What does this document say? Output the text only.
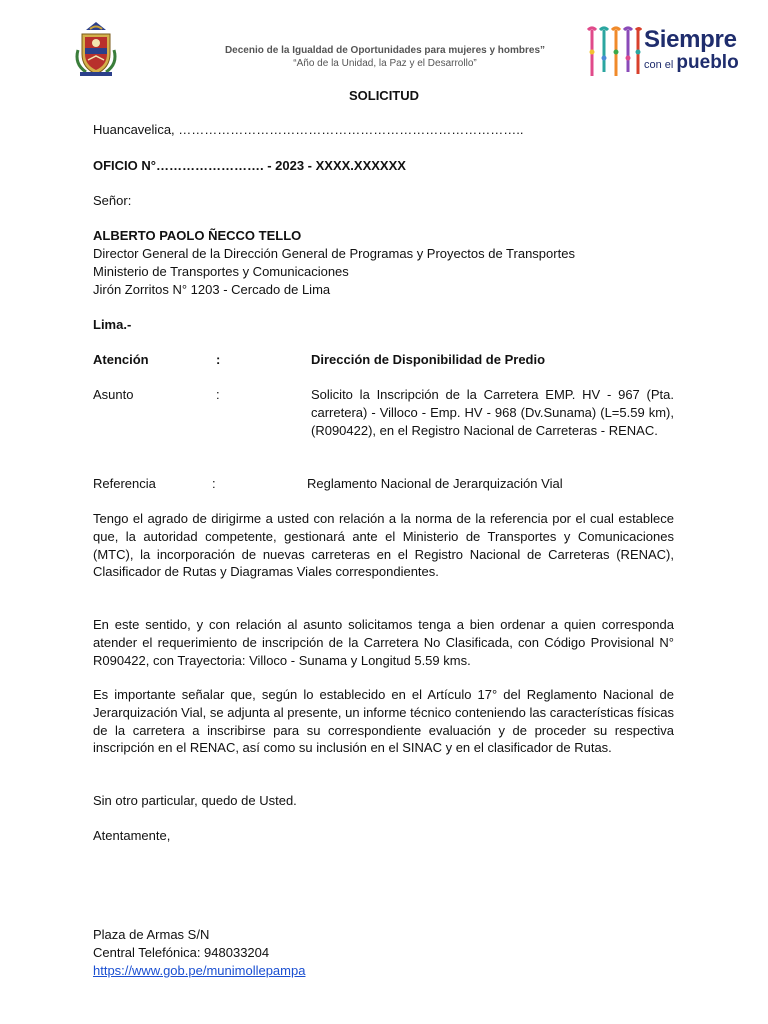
Decenio de la Igualdad de Oportunidades para mujeres y hombres”
“Año de la Unidad, la Paz y el Desarrollo”
Siempre
con el pueblo
SOLICITUD
Huancavelica, ……………………………………………………………………..
OFICIO N°……………………. - 2023 - XXXX.XXXXXX
Señor:
ALBERTO PAOLO ÑECCO TELLO
Director General de la Dirección General de Programas y Proyectos de Transportes
Ministerio de Transportes y Comunicaciones
Jirón Zorritos N° 1203 - Cercado de Lima
Lima.-
Atención	:	Dirección de Disponibilidad de Predio
Asunto	:	Solicito la Inscripción de la Carretera EMP. HV - 967 (Pta. carretera) - Villoco - Emp. HV - 968 (Dv.Sunama) (L=5.59 km), (R090422), en el Registro Nacional de Carreteras - RENAC.
Referencia	:	Reglamento Nacional de Jerarquización Vial
Tengo el agrado de dirigirme a usted con relación a la norma de la referencia por el cual establece que, la autoridad competente, gestionará ante el Ministerio de Transportes y Comunicaciones (MTC), la incorporación de nuevas carreteras en el Registro Nacional de Carreteras (RENAC), Clasificador de Rutas y Diagramas Viales correspondientes.
En este sentido, y con relación al asunto solicitamos tenga a bien ordenar a quien corresponda atender el requerimiento de inscripción de la Carretera No Clasificada, con Código Provisional N° R090422, con Trayectoria: Villoco - Sunama y Longitud 5.59 kms.
Es importante señalar que, según lo establecido en el Artículo 17° del Reglamento Nacional de Jerarquización Vial, se adjunta al presente, un informe técnico conteniendo las características físicas de la carretera a inscribirse para su correspondiente evaluación y de proceder su respectiva inscripción en el RENAC, así como su inclusión en el SINAC y en el clasificador de Rutas.
Sin otro particular, quedo de Usted.
Atentamente,
Plaza de Armas S/N
Central Telefónica: 948033204
https://www.gob.pe/munimollepampa
